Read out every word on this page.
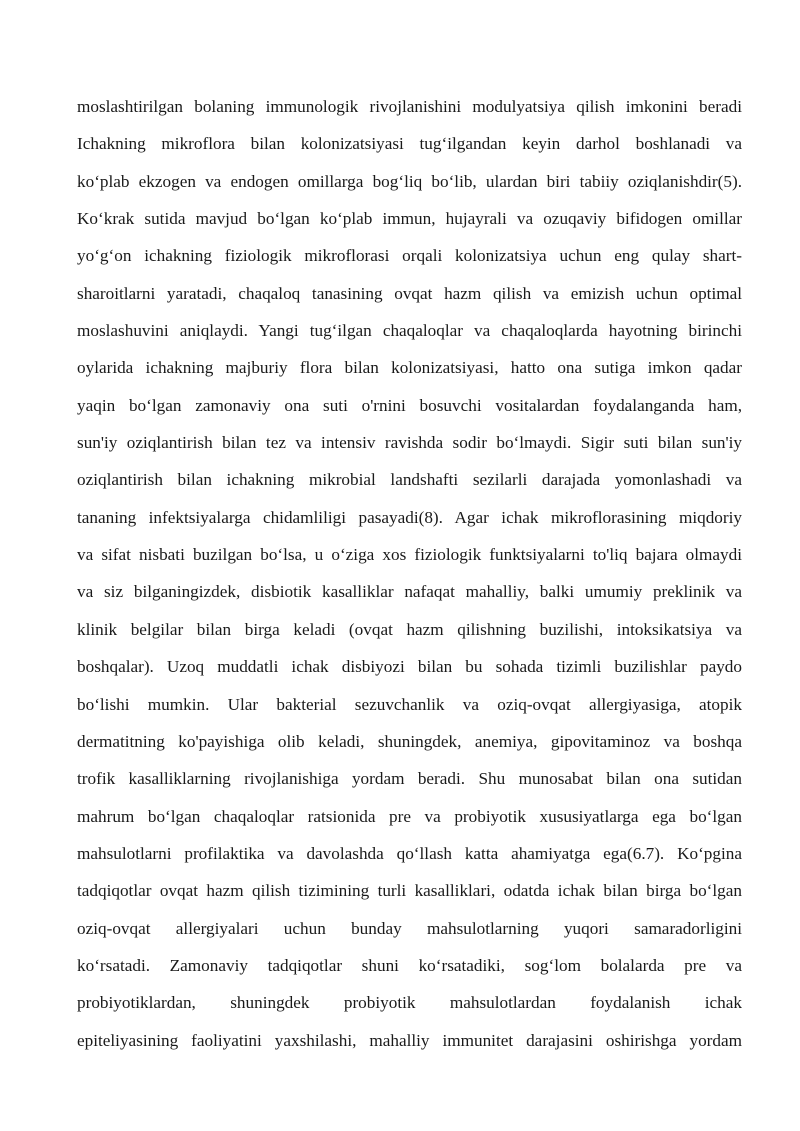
moslashtirilgan bolaning immunologik rivojlanishini modulyatsiya qilish imkonini beradi
Ichakning mikroflora bilan kolonizatsiyasi tug‘ilgandan keyin darhol boshlanadi va
ko‘plab ekzogen va endogen omillarga bog‘liq bo‘lib, ulardan biri tabiiy oziqlanishdir(5).
Ko‘krak sutida mavjud bo‘lgan ko‘plab immun, hujayrali va ozuqaviy bifidogen omillar
yo‘g‘on ichakning fiziologik mikroflorasi orqali kolonizatsiya uchun eng qulay shart-
sharoitlarni yaratadi, chaqaloq tanasining ovqat hazm qilish va emizish uchun optimal
moslashuvini aniqlaydi. Yangi tug‘ilgan chaqaloqlar va chaqaloqlarda hayotning birinchi
oylarida ichakning majburiy flora bilan kolonizatsiyasi, hatto ona sutiga imkon qadar
yaqin bo‘lgan zamonaviy ona suti o'rnini bosuvchi vositalardan foydalanganda ham,
sun'iy oziqlantirish bilan tez va intensiv ravishda sodir bo‘lmaydi. Sigir suti bilan sun'iy
oziqlantirish bilan ichakning mikrobial landshafti sezilarli darajada yomonlashadi va
tananing infektsiyalarga chidamliligi pasayadi(8). Agar ichak mikroflorasining miqdoriy
va sifat nisbati buzilgan bo‘lsa, u o‘ziga xos fiziologik funktsiyalarni to'liq bajara olmaydi
va siz bilganingizdek, disbiotik kasalliklar nafaqat mahalliy, balki umumiy preklinik va
klinik belgilar bilan birga keladi (ovqat hazm qilishning buzilishi, intoksikatsiya va
boshqalar). Uzoq muddatli ichak disbiyozi bilan bu sohada tizimli buzilishlar paydo
bo‘lishi mumkin. Ular bakterial sezuvchanlik va oziq-ovqat allergiyasiga, atopik
dermatitning ko'payishiga olib keladi, shuningdek, anemiya, gipovitaminoz va boshqa
trofik kasalliklarning rivojlanishiga yordam beradi. Shu munosabat bilan ona sutidan
mahrum bo‘lgan chaqaloqlar ratsionida pre va probiyotik xususiyatlarga ega bo‘lgan
mahsulotlarni profilaktika va davolashda qo‘llash katta ahamiyatga ega(6.7). Ko‘pgina
tadqiqotlar ovqat hazm qilish tizimining turli kasalliklari, odatda ichak bilan birga bo‘lgan
oziq-ovqat allergiyalari uchun bunday mahsulotlarning yuqori samaradorligini
ko‘rsatadi. Zamonaviy tadqiqotlar shuni ko‘rsatadiki, sog‘lom bolalarda pre va
probiyotiklardan, shuningdek probiyotik mahsulotlardan foydalanish ichak
epiteliyasining faoliyatini yaxshilashi, mahalliy immunitet darajasini oshirishga yordam
